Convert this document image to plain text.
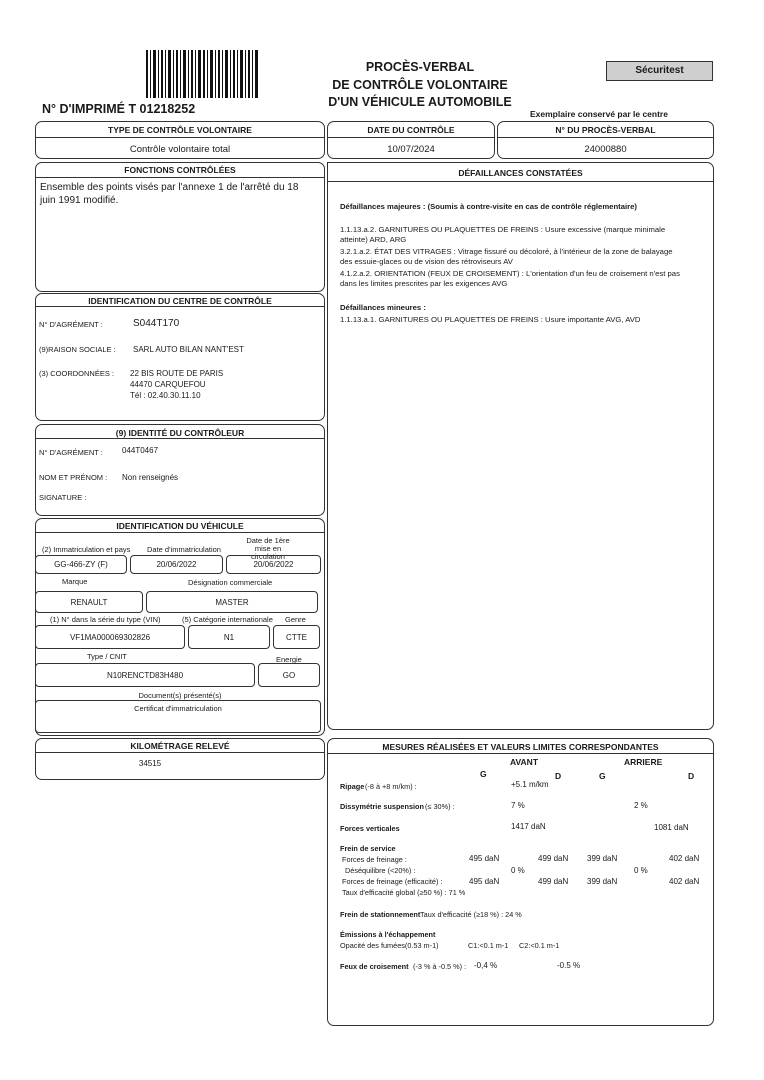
N° D'IMPRIMÉ T 01218252
PROCÈS-VERBAL
DE CONTRÔLE VOLONTAIRE
D'UN VÉHICULE AUTOMOBILE
Sécuritest
Exemplaire conservé par le centre
TYPE DE CONTRÔLE VOLONTAIRE
Contrôle volontaire total
DATE DU CONTRÔLE
10/07/2024
N° DU PROCÈS-VERBAL
24000880
FONCTIONS CONTRÔLÉES
Ensemble des points visés par l'annexe 1 de l'arrêté du 18 juin 1991 modifié.
DÉFAILLANCES CONSTATÉES
Défaillances majeures : (Soumis à contre-visite en cas de contrôle réglementaire)
1.1.13.a.2. GARNITURES OU PLAQUETTES DE FREINS : Usure excessive (marque minimale atteinte) ARD, ARG
3.2.1.a.2. ÉTAT DES VITRAGES : Vitrage fissuré ou décoloré, à l'intérieur de la zone de balayage des essuie-glaces ou de vision des rétroviseurs AV
4.1.2.a.2. ORIENTATION (FEUX DE CROISEMENT) : L'orientation d'un feu de croisement n'est pas dans les limites prescrites par les exigences AVG
Défaillances mineures :
1.1.13.a.1. GARNITURES OU PLAQUETTES DE FREINS : Usure importante AVG, AVD
IDENTIFICATION DU CENTRE DE CONTRÔLE
N° D'AGRÉMENT :	S044T170
(9)RAISON SOCIALE : SARL AUTO BILAN NANT'EST
(3) COORDONNÉES : 22 BIS ROUTE DE PARIS
44470 CARQUEFOU
Tél : 02.40.30.11.10
(9) IDENTITÉ DU CONTRÔLEUR
N° D'AGRÉMENT : 044T0467
NOM ET PRÉNOM : Non renseignés
SIGNATURE :
IDENTIFICATION DU VÉHICULE
(2) Immatriculation et pays Date d'immatriculation
Date de 1ère mise en circulation
GG-466-ZY (F)	20/06/2022	20/06/2022
Marque	Désignation commerciale
RENAULT	MASTER
(1) N° dans la série du type (VIN)	(5) Catégorie internationale Genre
VF1MA000069302826	N1	CTTE
Type / CNIT	Energie
N10RENCTD83H480	GO
Document(s) présenté(s)
Certificat d'immatriculation
KILOMÉTRAGE RELEVÉ
34515
MESURES RÉALISÉES ET VALEURS LIMITES CORRESPONDANTES
AVANT	ARRIERE
G	D	G	D
Ripage (-8 à +8 m/km) :	+5.1 m/km
Dissymétrie suspension (≤ 30%) :	7 %	2 %
Forces verticales	1417 daN	1081 daN
Frein de service
Forces de freinage :	495 daN	499 daN 399 daN	402 daN
Déséquilibre (<20%) :	0 %	0 %
Forces de freinage (efficacité) :	495 daN	499 daN 399 daN	402 daN
Taux d'efficacité global (≥50 %) : 71 %
Frein de stationnement Taux d'efficacité (≥18 %) : 24 %
Émissions à l'échappement
Opacité des fumées(0.53 m-1)	C1:<0.1 m-1 C2:<0.1 m-1
Feux de croisement (-3 % à -0.5 %) : -0,4 %	-0.5 %
